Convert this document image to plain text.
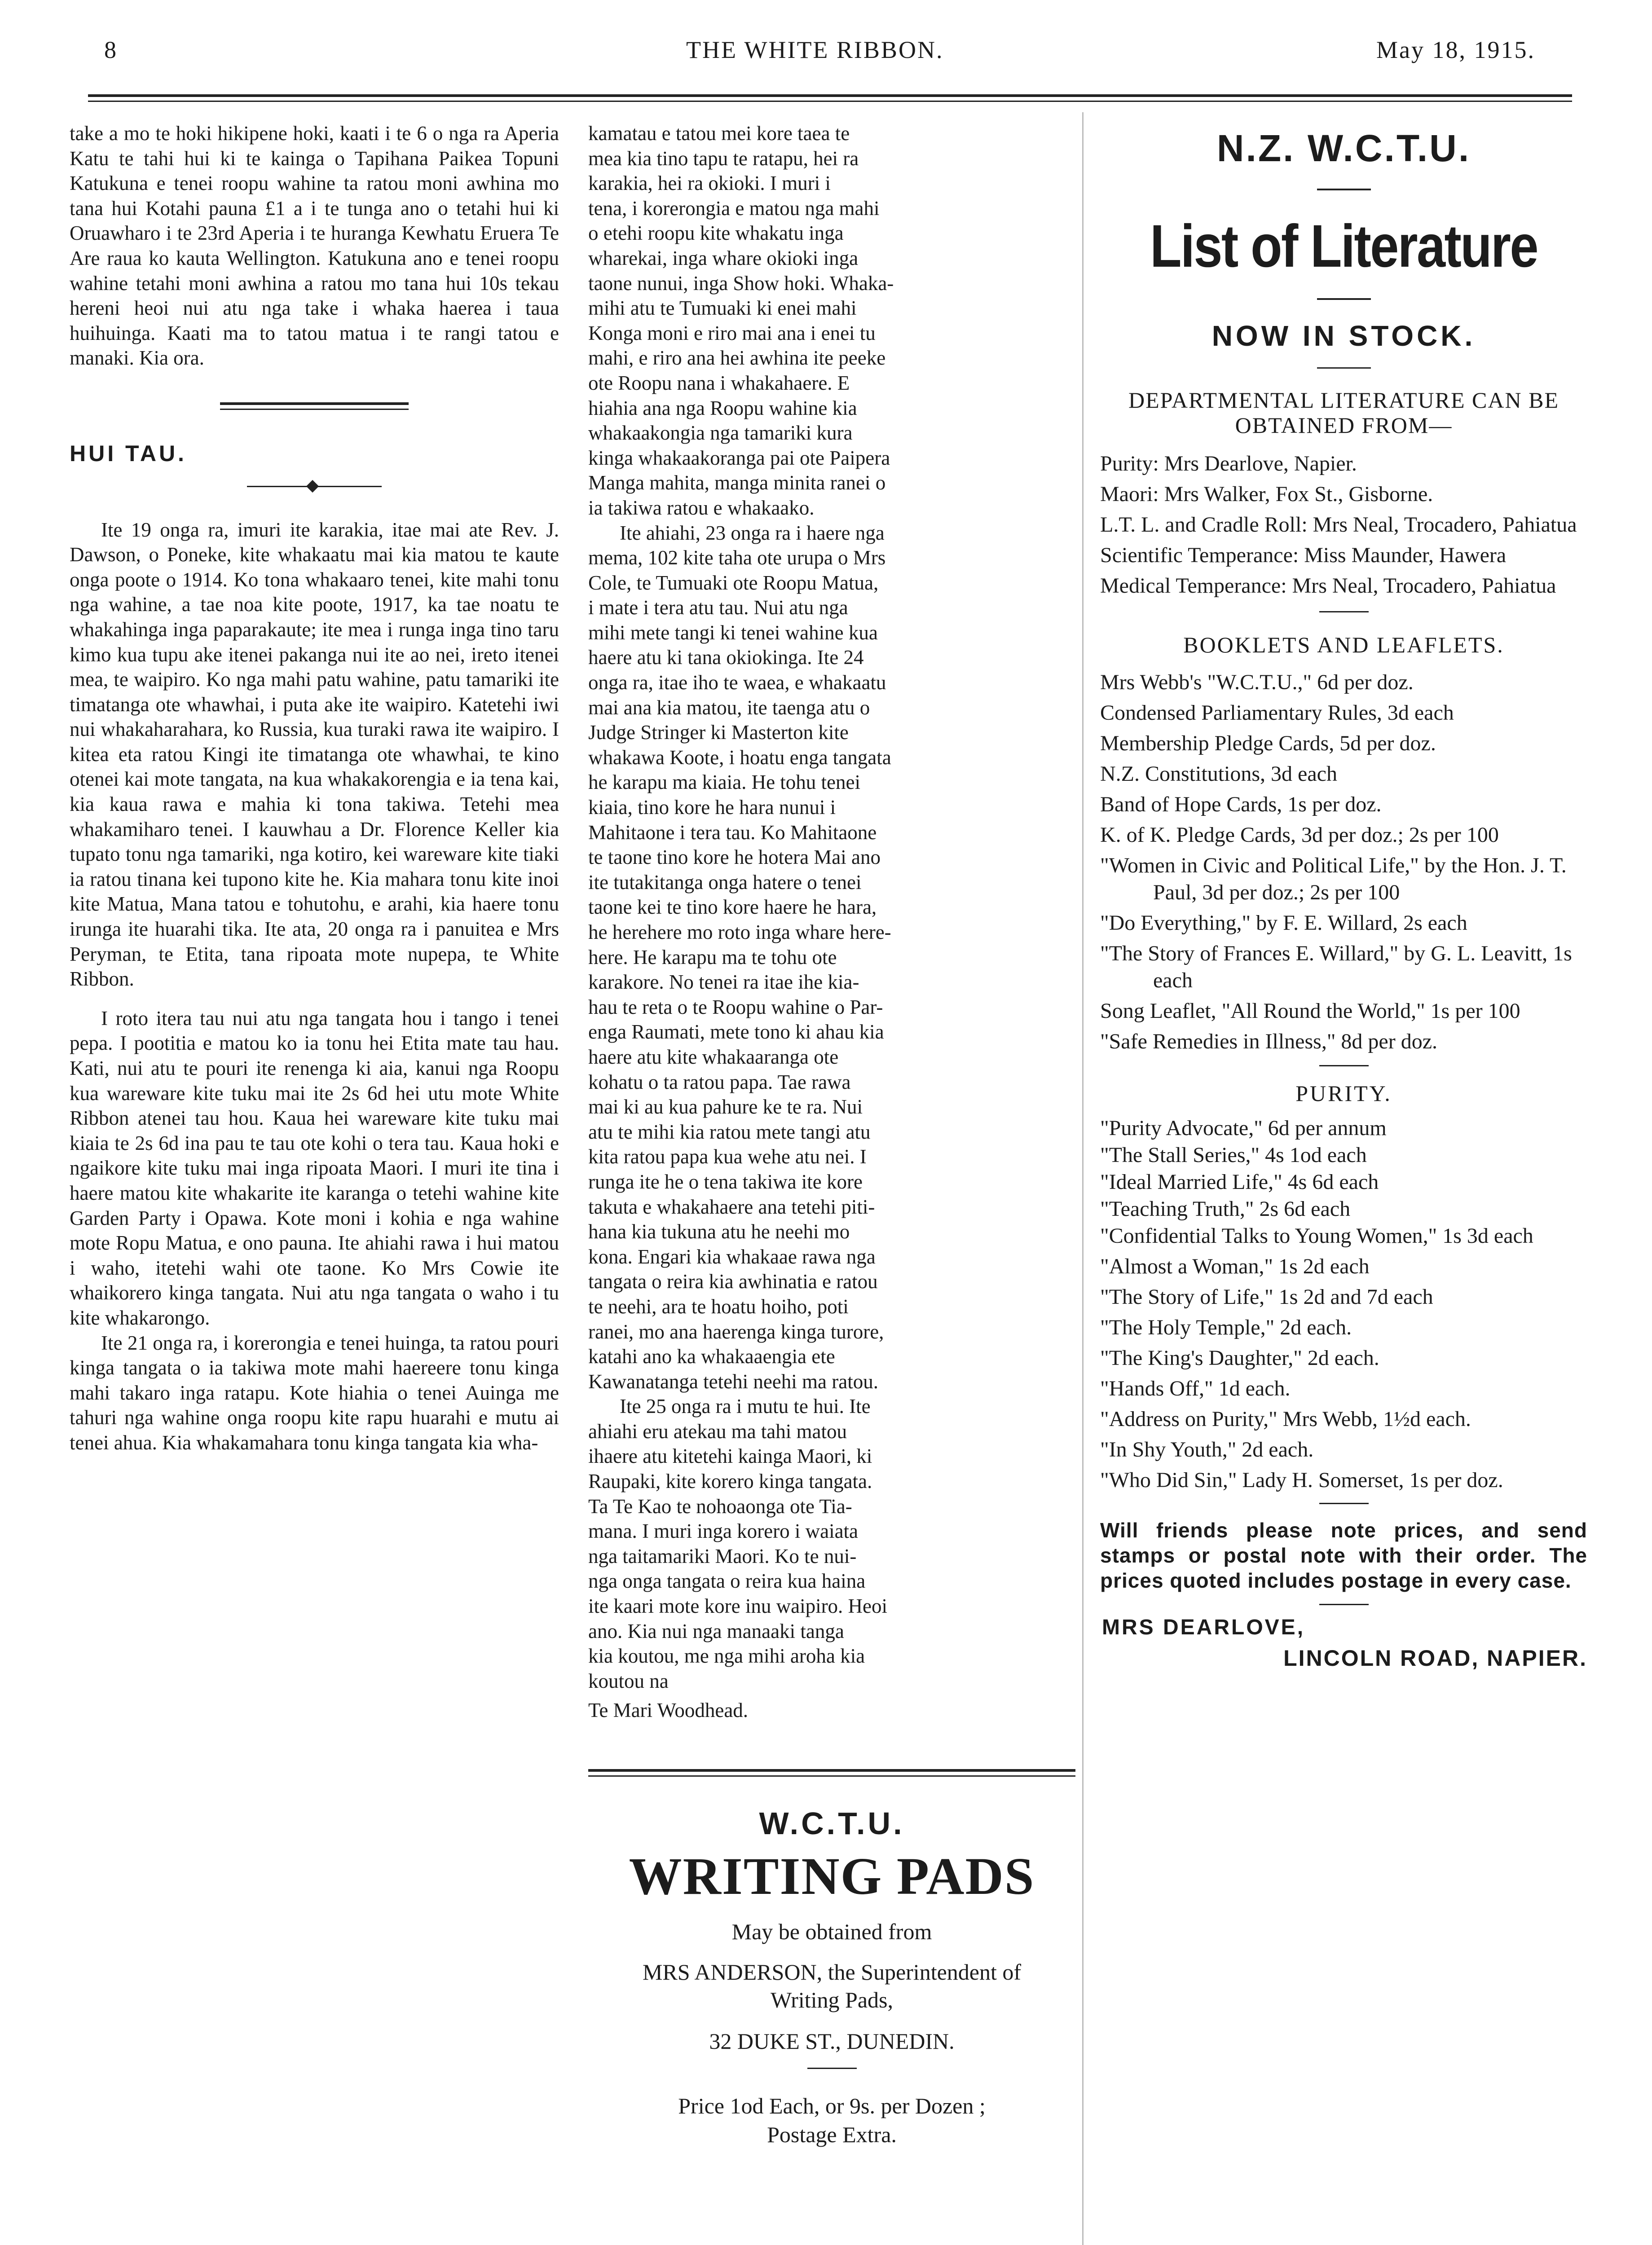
8	THE WHITE RIBBON.	May 18, 1915.

take a mo te hoki hikipene hoki, kaati i te 6 o nga ra Aperia Katu te tahi hui ki te kainga o Tapihana Paikea Topuni Katukuna e tenei roopu wahine ta ratou moni awhina mo tana hui Kotahi pauna £1 a i te tunga ano o tetahi hui ki Oruawharo i te 23rd Aperia i te huranga Kewhatu Eruera Te Are raua ko kauta Wellington. Katukuna ano e tenei roopu wahine tetahi moni awhina a ratou mo tana hui 10s tekau hereni heoi nui atu nga take i whaka haerea i taua huihuinga. Kaati ma to tatou matua i te rangi tatou e manaki. Kia ora.

HUI TAU.

Ite 19 onga ra, imuri ite karakia, itae mai ate Rev. J. Dawson, o Poneke, kite whakaatu mai kia matou te kaute onga poote o 1914. Ko tona whakaaro tenei, kite mahi tonu nga wahine, a tae noa kite poote, 1917, ka tae noatu te whakahinga inga paparakaute; ite mea i runga inga tino taru kimo kua tupu ake itenei pakanga nui ite ao nei, ireto itenei mea, te waipiro. Ko nga mahi patu wahine, patu tamariki ite timatanga ote whawhai, i puta ake ite waipiro. Katetehi iwi nui whakaharahara, ko Russia, kua turaki rawa ite waipiro. I kitea eta ratou Kingi ite timatanga ote whawhai, te kino otenei kai mote tangata, na kua whakakorengia e ia tena kai, kia kaua rawa e mahia ki tona takiwa. Tetehi mea whakamiharo tenei. I kauwhau a Dr. Florence Keller kia tupato tonu nga tamariki, nga kotiro, kei wareware kite tiaki ia ratou tinana kei tupono kite he. Kia mahara tonu kite inoi kite Matua, Mana tatou e tohutohu, e arahi, kia haere tonu irunga ite huarahi tika. Ite ata, 20 onga ra i panuitea e Mrs Peryman, te Etita, tana ripoata mote nupepa, te White Ribbon.

I roto itera tau nui atu nga tangata hou i tango i tenei pepa. I pootitia e matou ko ia tonu hei Etita mate tau hau. Kati, nui atu te pouri ite renenga ki aia, kanui nga Roopu kua wareware kite tuku mai ite 2s 6d hei utu mote White Ribbon atenei tau hou. Kaua hei wareware kite tuku mai kiaia te 2s 6d ina pau te tau ote kohi o tera tau. Kaua hoki e ngaikore kite tuku mai inga ripoata Maori. I muri ite tina i haere matou kite whakarite ite karanga o tetehi wahine kite Garden Party i Opawa. Kote moni i kohia e nga wahine mote Ropu Matua, e ono pauna. Ite ahiahi rawa i hui matou i waho, itetehi wahi ote taone. Ko Mrs Cowie ite whaikorero kinga tangata. Nui atu nga tangata o waho i tu kite whakarongo.

Ite 21 onga ra, i korerongia e tenei huinga, ta ratou pouri kinga tangata o ia takiwa mote mahi haereere tonu kinga mahi takaro inga ratapu. Kote hiahia o tenei Auinga me tahuri nga wahine onga roopu kite rapu huarahi e mutu ai tenei ahua. Kia whakamahara tonu kinga tangata kia wha-

kamatau e tatou mei kore taea te
mea kia tino tapu te ratapu, hei ra
karakia, hei ra okioki. I muri i
tena, i korerongia e matou nga mahi
o etehi roopu kite whakatu inga
wharekai, inga whare okioki inga
taone nunui, inga Show hoki. Whaka-
mihi atu te Tumuaki ki enei mahi
Konga moni e riro mai ana i enei tu
mahi, e riro ana hei awhina ite peeke
ote Roopu nana i whakahaere. E
hiahia ana nga Roopu wahine kia
whakaakongia nga tamariki kura
kinga whakaakoranga pai ote Paipera
Manga mahita, manga minita ranei o
ia takiwa ratou e whakaako.

Ite ahiahi, 23 onga ra i haere nga
mema, 102 kite taha ote urupa o Mrs
Cole, te Tumuaki ote Roopu Matua,
i mate i tera atu tau. Nui atu nga
mihi mete tangi ki tenei wahine kua
haere atu ki tana okiokinga. Ite 24
onga ra, itae iho te waea, e whakaatu
mai ana kia matou, ite taenga atu o
Judge Stringer ki Masterton kite
whakawa Koote, i hoatu enga tangata
he karapu ma kiaia. He tohu tenei
kiaia, tino kore he hara nunui i
Mahitaone i tera tau. Ko Mahitaone
te taone tino kore he hotera Mai ano
ite tutakitanga onga hatere o tenei
taone kei te tino kore haere he hara,
he herehere mo roto inga whare here-
here. He karapu ma te tohu ote
karakore. No tenei ra itae ihe kia-
hau te reta o te Roopu wahine o Par-
enga Raumati, mete tono ki ahau kia
haere atu kite whakaaranga ote
kohatu o ta ratou papa. Tae rawa
mai ki au kua pahure ke te ra. Nui
atu te mihi kia ratou mete tangi atu
kita ratou papa kua wehe atu nei. I
runga ite he o tena takiwa ite kore
takuta e whakahaere ana tetehi piti-
hana kia tukuna atu he neehi mo
kona. Engari kia whakaae rawa nga
tangata o reira kia awhinatia e ratou
te neehi, ara te hoatu hoiho, poti
ranei, mo ana haerenga kinga turore,
katahi ano ka whakaaengia ete
Kawanatanga tetehi neehi ma ratou.

Ite 25 onga ra i mutu te hui. Ite
ahiahi eru atekau ma tahi matou
ihaere atu kitetehi kainga Maori, ki
Raupaki, kite korero kinga tangata.
Ta Te Kao te nohoaonga ote Tia-
mana. I muri inga korero i waiata
nga taitamariki Maori. Ko te nui-
nga onga tangata o reira kua haina
ite kaari mote kore inu waipiro. Heoi
ano. Kia nui nga manaaki tanga
kia koutou, me nga mihi aroha kia
koutou na

Te Mari Woodhead.

W.C.T.U.
WRITING PADS
May be obtained from
MRS ANDERSON, the Superintendent of Writing Pads,
32 DUKE ST., DUNEDIN.
Price 1od Each, or 9s. per Dozen ; Postage Extra.
N.Z. W.C.T.U.
List of Literature
NOW IN STOCK.
DEPARTMENTAL LITERATURE CAN BE OBTAINED FROM—
Purity: Mrs Dearlove, Napier.
Maori: Mrs Walker, Fox St., Gisborne.
L.T. L. and Cradle Roll: Mrs Neal, Trocadero, Pahiatua
Scientific Temperance: Miss Maunder, Hawera
Medical Temperance: Mrs Neal, Trocadero, Pahiatua
BOOKLETS AND LEAFLETS.
Mrs Webb's "W.C.T.U.," 6d per doz.
Condensed Parliamentary Rules, 3d each
Membership Pledge Cards, 5d per doz.
N.Z. Constitutions, 3d each
Band of Hope Cards, 1s per doz.
K. of K. Pledge Cards, 3d per doz.; 2s per 100
"Women in Civic and Political Life," by the Hon. J. T. Paul, 3d per doz.; 2s per 100
"Do Everything," by F. E. Willard, 2s each
"The Story of Frances E. Willard," by G. L. Leavitt, 1s each
Song Leaflet, "All Round the World," 1s per 100
"Safe Remedies in Illness," 8d per doz.
PURITY.
"Purity Advocate," 6d per annum
"The Stall Series," 4s 1od each
"Ideal Married Life," 4s 6d each
"Teaching Truth," 2s 6d each
"Confidential Talks to Young Women," 1s 3d each
"Almost a Woman," 1s 2d each
"The Story of Life," 1s 2d and 7d each
"The Holy Temple," 2d each.
"The King's Daughter," 2d each.
"Hands Off," 1d each.
"Address on Purity," Mrs Webb, 1½d each.
"In Shy Youth," 2d each.
"Who Did Sin," Lady H. Somerset, 1s per doz.
Will friends please note prices, and send stamps or postal note with their order. The prices quoted includes postage in every case.
MRS DEARLOVE,
LINCOLN ROAD, NAPIER.
